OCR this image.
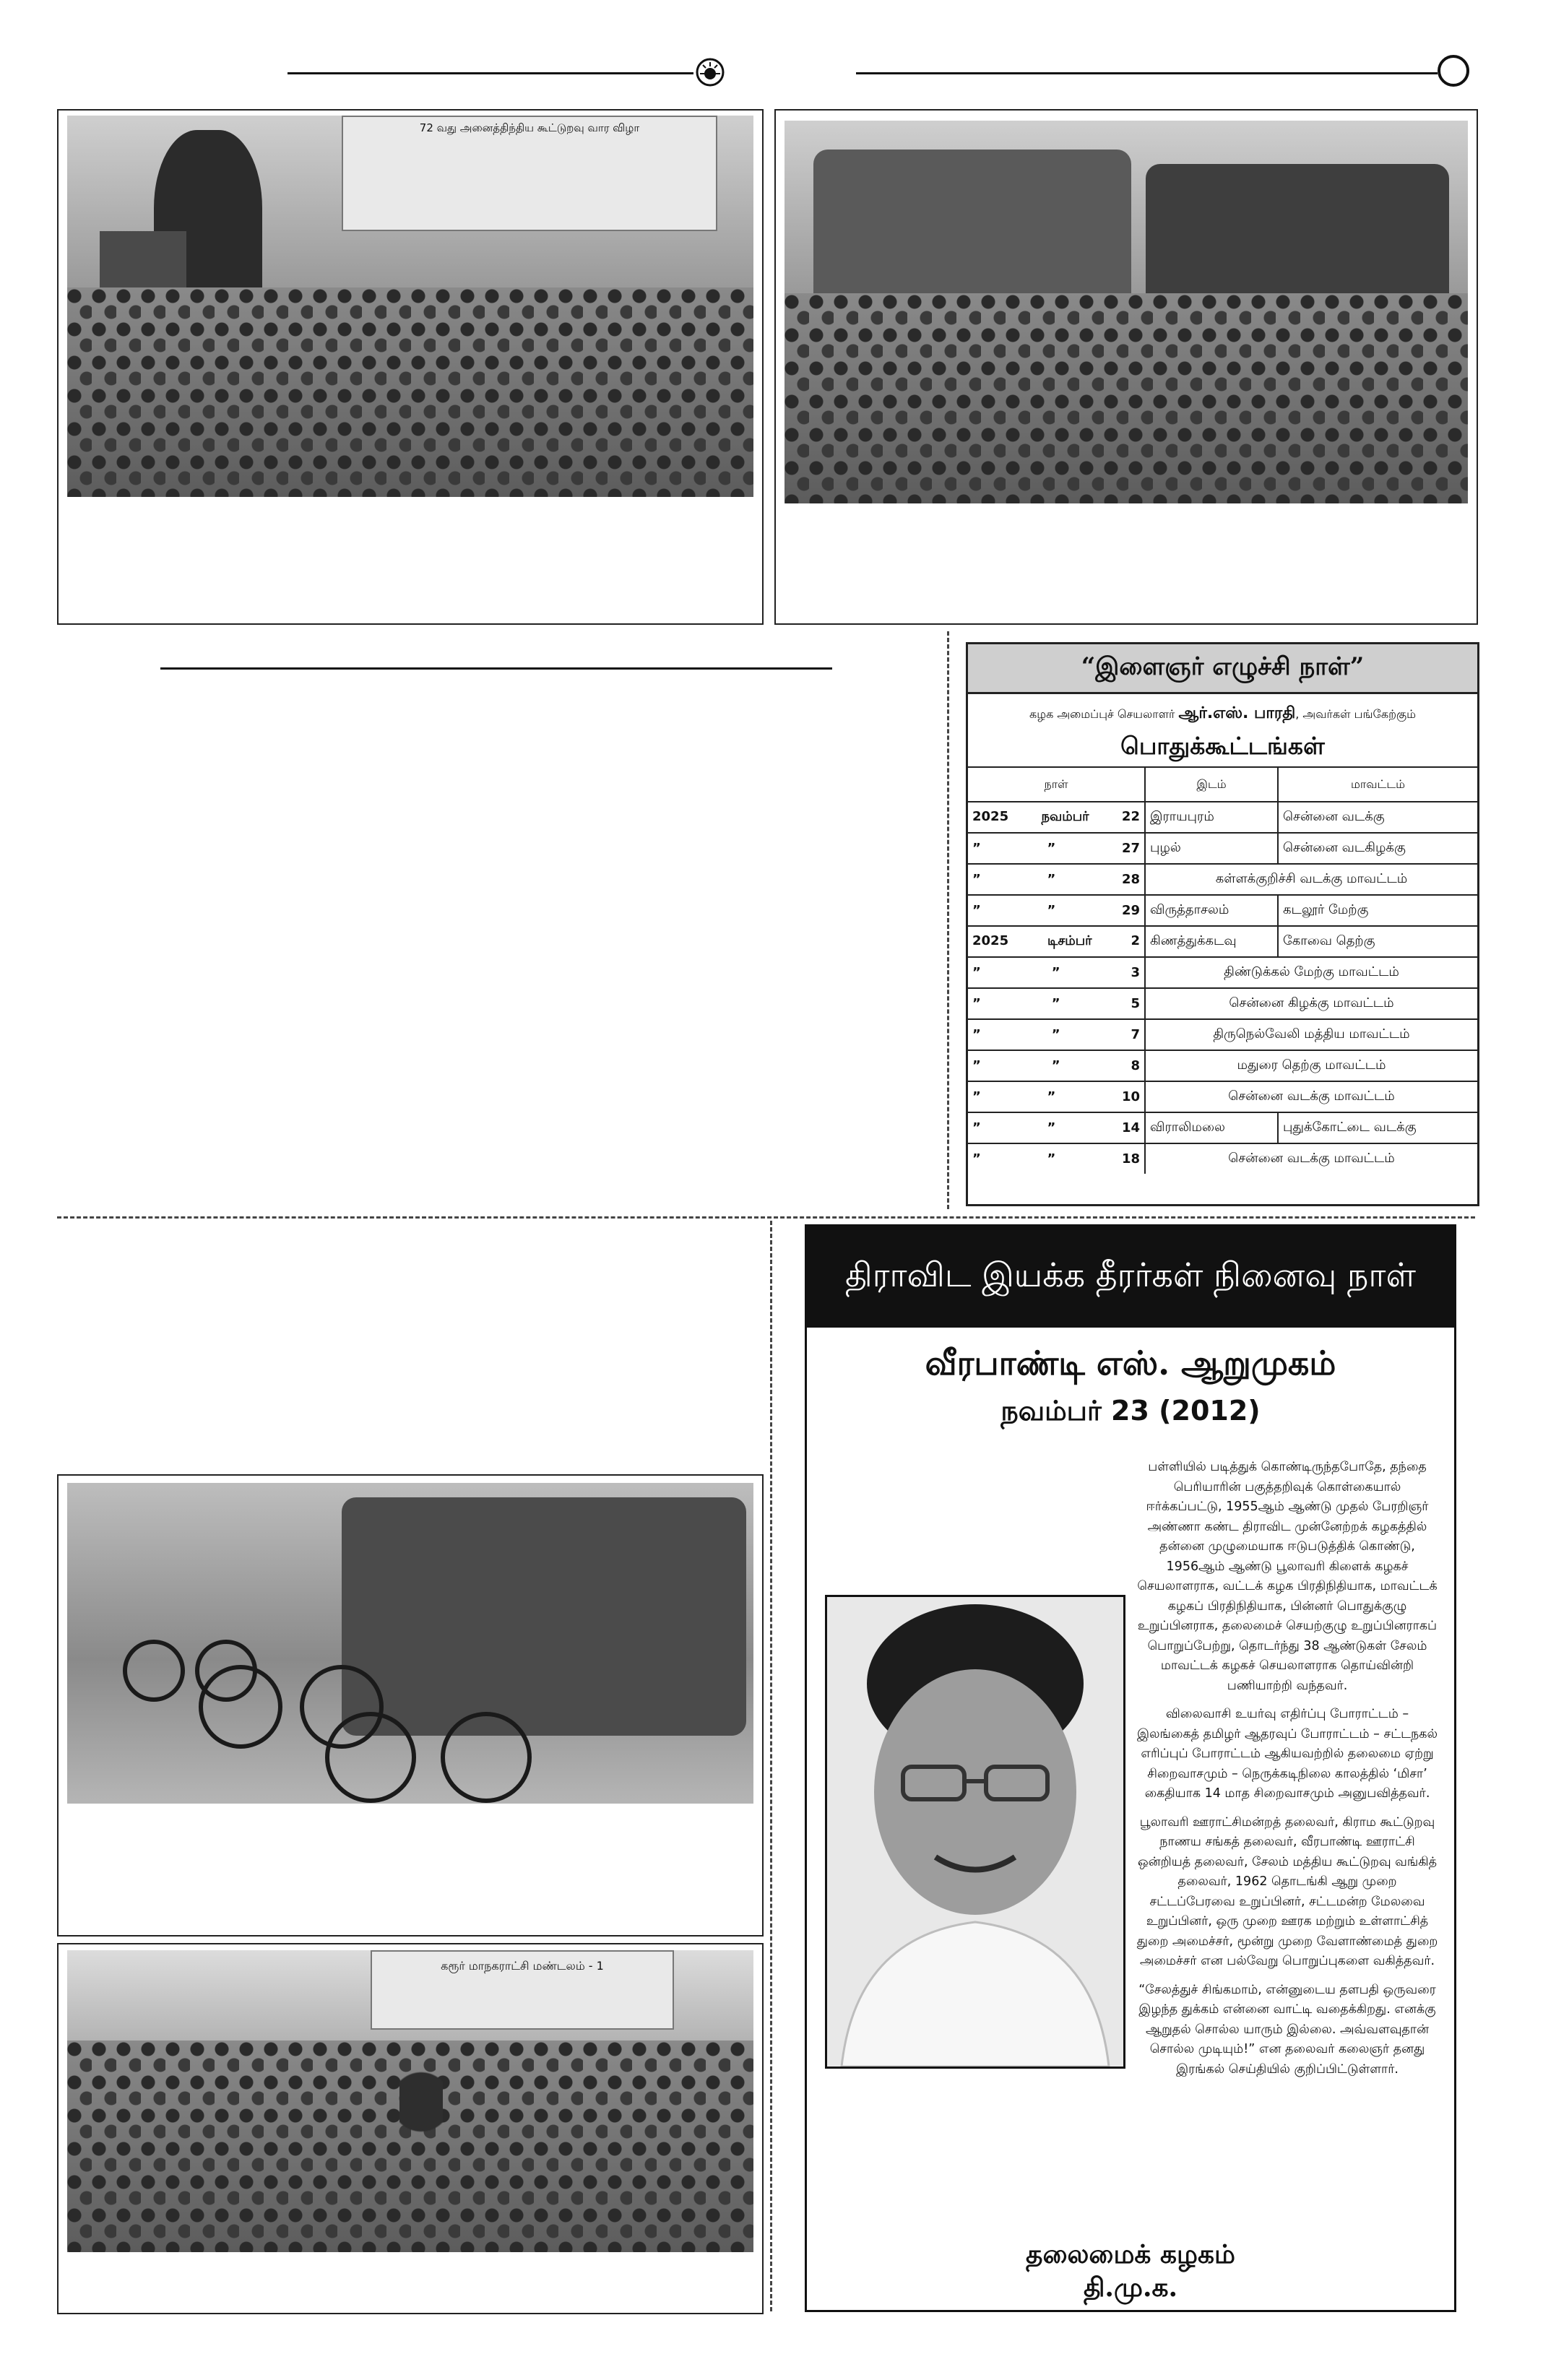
72 வது அனைத்திந்திய கூட்டுறவு வார விழா
“இளைஞர் எழுச்சி நாள்”
கழக அமைப்புச் செயலாளர் ஆர்.எஸ். பாரதி, அவர்கள் பங்கேற்கும்
பொதுக்கூட்டங்கள்
நாள்	இடம்	மாவட்டம்

2025 நவம்பர் 22	இராயபுரம்	சென்னை வடக்கு

” ” 27	புழல்	சென்னை வடகிழக்கு

” ” 28	கள்ளக்குறிச்சி வடக்கு மாவட்டம்	

” ” 29	விருத்தாசலம்	கடலூர் மேற்கு

2025 டிசம்பர் 2	கிணத்துக்கடவு	கோவை தெற்கு

” ” 3	திண்டுக்கல் மேற்கு மாவட்டம்	

” ” 5	சென்னை கிழக்கு மாவட்டம்	

” ” 7	திருநெல்வேலி மத்திய மாவட்டம்	

” ” 8	மதுரை தெற்கு மாவட்டம்	

” ” 10	சென்னை வடக்கு மாவட்டம்	

” ” 14	விராலிமலை	புதுக்கோட்டை வடக்கு

” ” 18	சென்னை வடக்கு மாவட்டம்	
கரூர் மாநகராட்சி மண்டலம் - 1
திராவிட இயக்க தீரர்கள் நினைவு நாள்
வீரபாண்டி எஸ். ஆறுமுகம்
நவம்பர் 23 (2012)

பள்ளியில் படித்துக் கொண்டிருந்தபோதே, தந்தை பெரியாரின் பகுத்தறிவுக் கொள்கையால் ஈர்க்கப்பட்டு, 1955ஆம் ஆண்டு முதல் பேரறிஞர் அண்ணா கண்ட திராவிட முன்னேற்றக் கழகத்தில் தன்னை முழுமையாக ஈடுபடுத்திக் கொண்டு, 1956ஆம் ஆண்டு பூலாவரி கிளைக் கழகச் செயலாளராக, வட்டக் கழக பிரதிநிதியாக, மாவட்டக் கழகப் பிரதிநிதியாக, பின்னர் பொதுக்குழு உறுப்பினராக, தலைமைச் செயற்குழு உறுப்பினராகப் பொறுப்பேற்று, தொடர்ந்து 38 ஆண்டுகள் சேலம் மாவட்டக் கழகச் செயலாளராக தொய்வின்றி பணியாற்றி வந்தவர்.

விலைவாசி உயர்வு எதிர்ப்பு போராட்டம் – இலங்கைத் தமிழர் ஆதரவுப் போராட்டம் – சட்டநகல் எரிப்புப் போராட்டம் ஆகியவற்றில் தலைமை ஏற்று சிறைவாசமும் – நெருக்கடிநிலை காலத்தில் ‘மிசா’ கைதியாக 14 மாத சிறைவாசமும் அனுபவித்தவர்.

பூலாவரி ஊராட்சிமன்றத் தலைவர், கிராம கூட்டுறவு நாணய சங்கத் தலைவர், வீரபாண்டி ஊராட்சி ஒன்றியத் தலைவர், சேலம் மத்திய கூட்டுறவு வங்கித் தலைவர், 1962 தொடங்கி ஆறு முறை சட்டப்பேரவை உறுப்பினர், சட்டமன்ற மேலவை உறுப்பினர், ஒரு முறை ஊரக மற்றும் உள்ளாட்சித் துறை அமைச்சர், மூன்று முறை வேளாண்மைத் துறை அமைச்சர் என பல்வேறு பொறுப்புகளை வகித்தவர்.

“சேலத்துச் சிங்கமாம், என்னுடைய தளபதி ஒருவரை இழந்த துக்கம் என்னை வாட்டி வதைக்கிறது. எனக்கு ஆறுதல் சொல்ல யாரும் இல்லை. அவ்வளவுதான் சொல்ல முடியும்!” என தலைவர் கலைஞர் தனது இரங்கல் செய்தியில் குறிப்பிட்டுள்ளார்.

தலைமைக் கழகம்
தி.மு.க.
